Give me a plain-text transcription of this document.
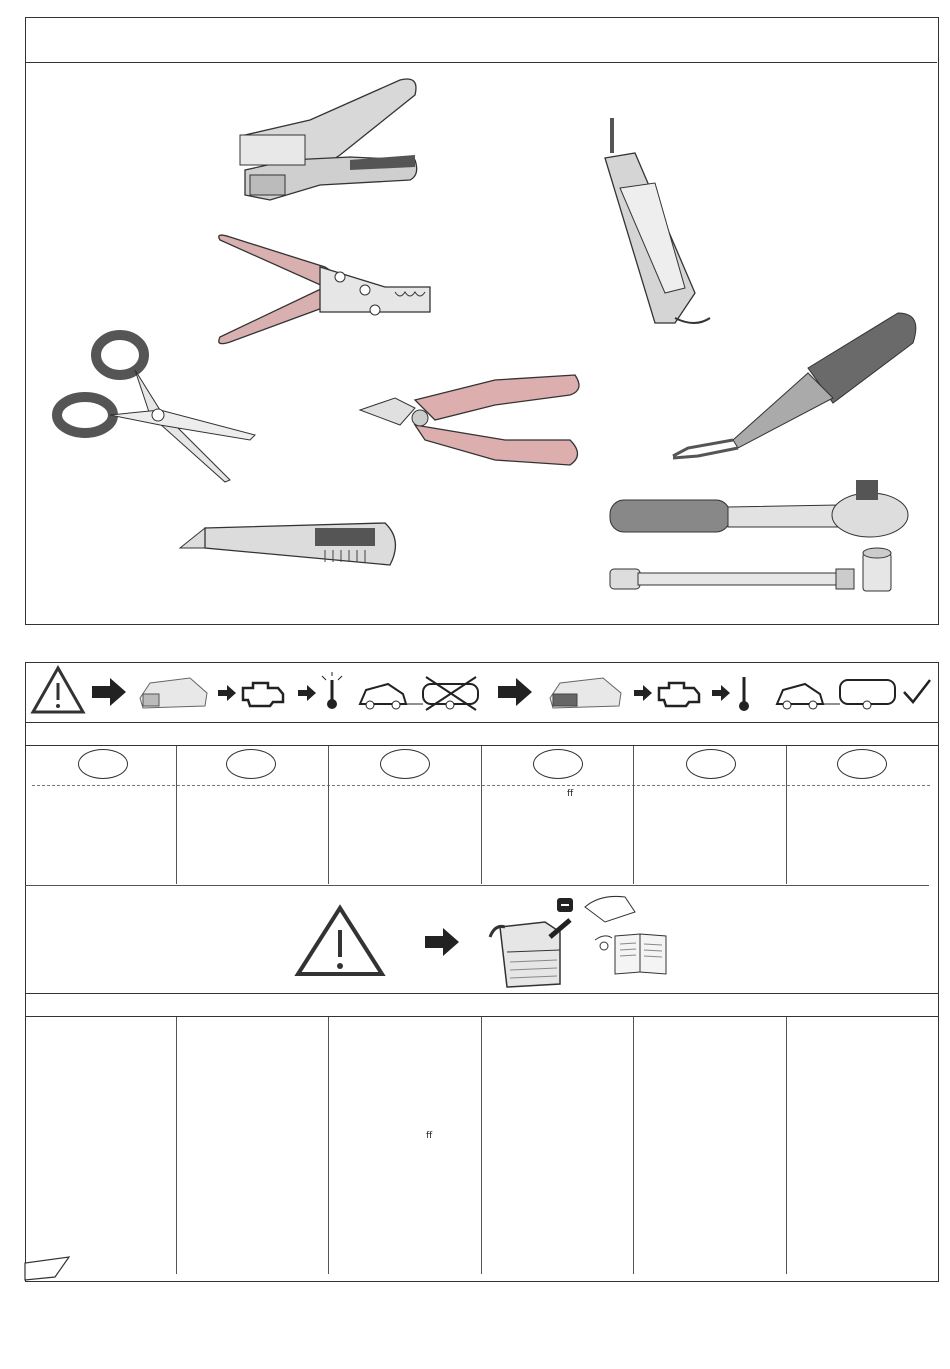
ﬀ
ﬀ
